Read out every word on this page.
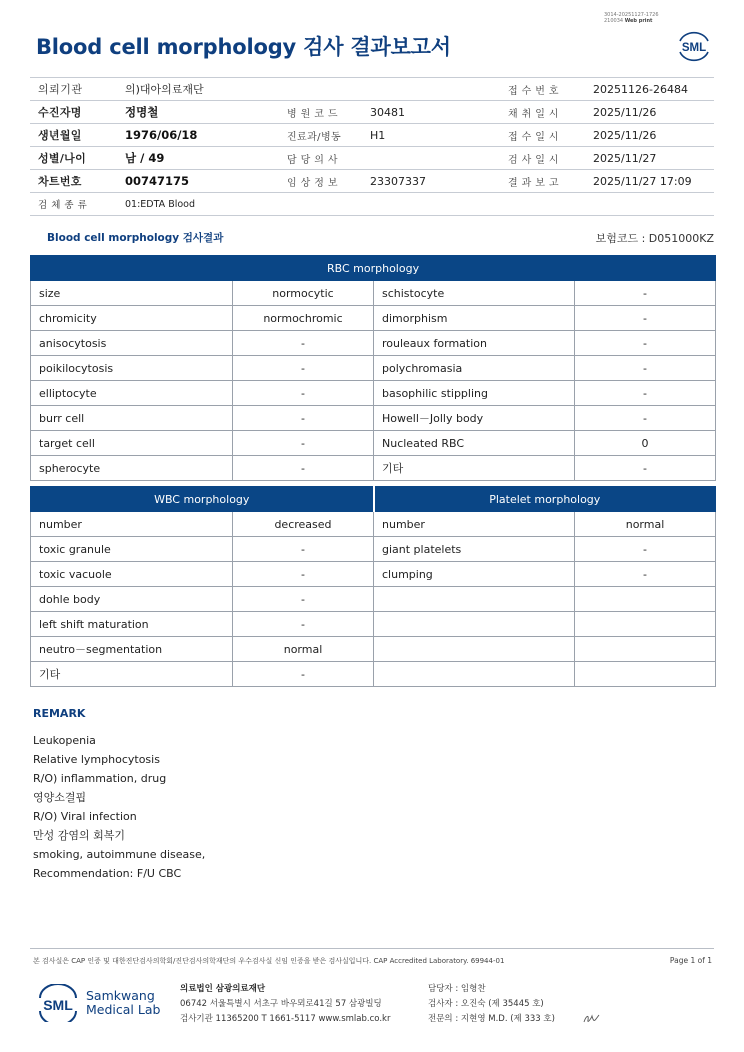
3014-20251127-1726
210034 Web print
Blood cell morphology 검사 결과보고서	SML
의뢰기관	의)대아의료재단			접 수 번 호	20251126-26484
수진자명	정명철	병 원 코 드	30481	채 취 일 시	2025/11/26
생년월일	1976/06/18	진료과/병동	H1	접 수 일 시	2025/11/26
성별/나이	남 / 49	담 당 의 사		검 사 일 시	2025/11/27
차트번호	00747175	임 상 정 보	23307337	결 과 보 고	2025/11/27 17:09
검 체 종 류	01:EDTA Blood				
Blood cell morphology 검사결과	보험코드 : D051000KZ
RBC morphology			
size	normocytic	schistocyte	-
chromicity	normochromic	dimorphism	-
anisocytosis	-	rouleaux formation	-
poikilocytosis	-	polychromasia	-
elliptocyte	-	basophilic stippling	-
burr cell	-	Howell－Jolly body	-
target cell	-	Nucleated RBC	0
spherocyte	-	기타	-
WBC morphology		Platelet morphology	
number	decreased	number	normal
toxic granule	-	giant platelets	-
toxic vacuole	-	clumping	-
dohle body	-		
left shift maturation	-		
neutro－segmentation	normal		
기타	-		
REMARK
Leukopenia
Relative lymphocytosis
R/O) inflammation, drug
영양소결핍
R/O) Viral infection
만성 감염의 회복기
smoking, autoimmune disease,
Recommendation: F/U CBC
본 검사실은 CAP 인증 및 대한진단검사의학회/진단검사의학재단의 우수검사실 신임 인증을 받은 검사실입니다. CAP Accredited Laboratory. 69944-01	Page 1 of 1
SML
Samkwang
Medical Lab
의료법인 삼광의료재단
06742 서울특별시 서초구 바우뫼로41길 57 삼광빌딩
검사기관 11365200 T 1661-5117 www.smlab.co.kr
담당자 : 임형찬
검사자 : 오진숙 (제 35445 호)
전문의 : 지현영 M.D. (제 333 호)
